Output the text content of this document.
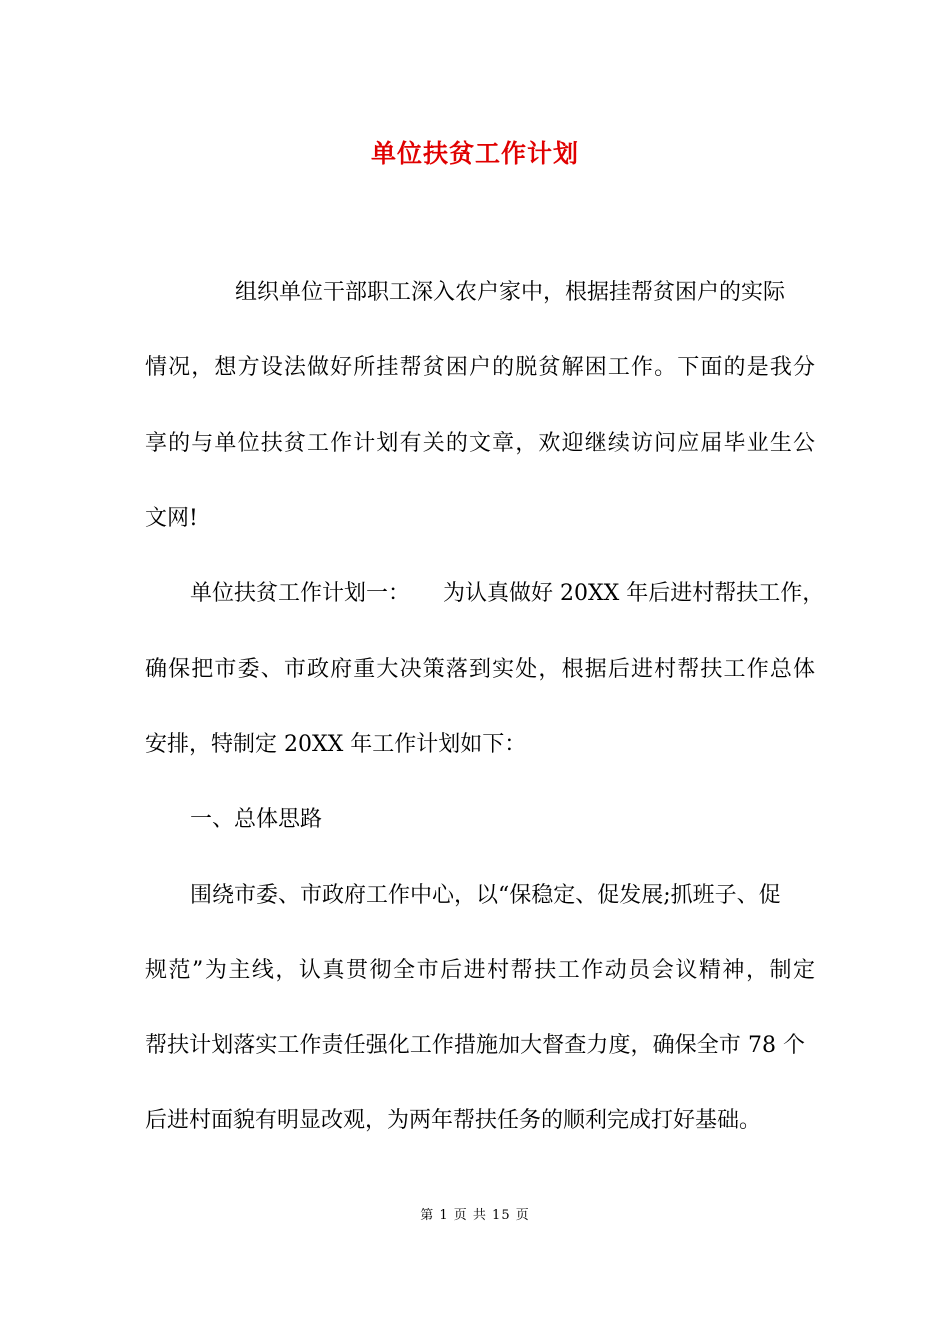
单位扶贫工作计划
组织单位干部职工深入农户家中，根据挂帮贫困户的实际
情况，想方设法做好所挂帮贫困户的脱贫解困工作。下面的是我分
享的与单位扶贫工作计划有关的文章，欢迎继续访问应届毕业生公
文网!
单位扶贫工作计划一：　　为认真做好 20XX 年后进村帮扶工作，
确保把市委、市政府重大决策落到实处，根据后进村帮扶工作总体
安排，特制定 20XX 年工作计划如下：
一、总体思路
围绕市委、市政府工作中心，以“保稳定、促发展;抓班子、促
规范”为主线，认真贯彻全市后进村帮扶工作动员会议精神，制定
帮扶计划落实工作责任强化工作措施加大督查力度，确保全市 78 个
后进村面貌有明显改观，为两年帮扶任务的顺利完成打好基础。
第 1 页 共 15 页
